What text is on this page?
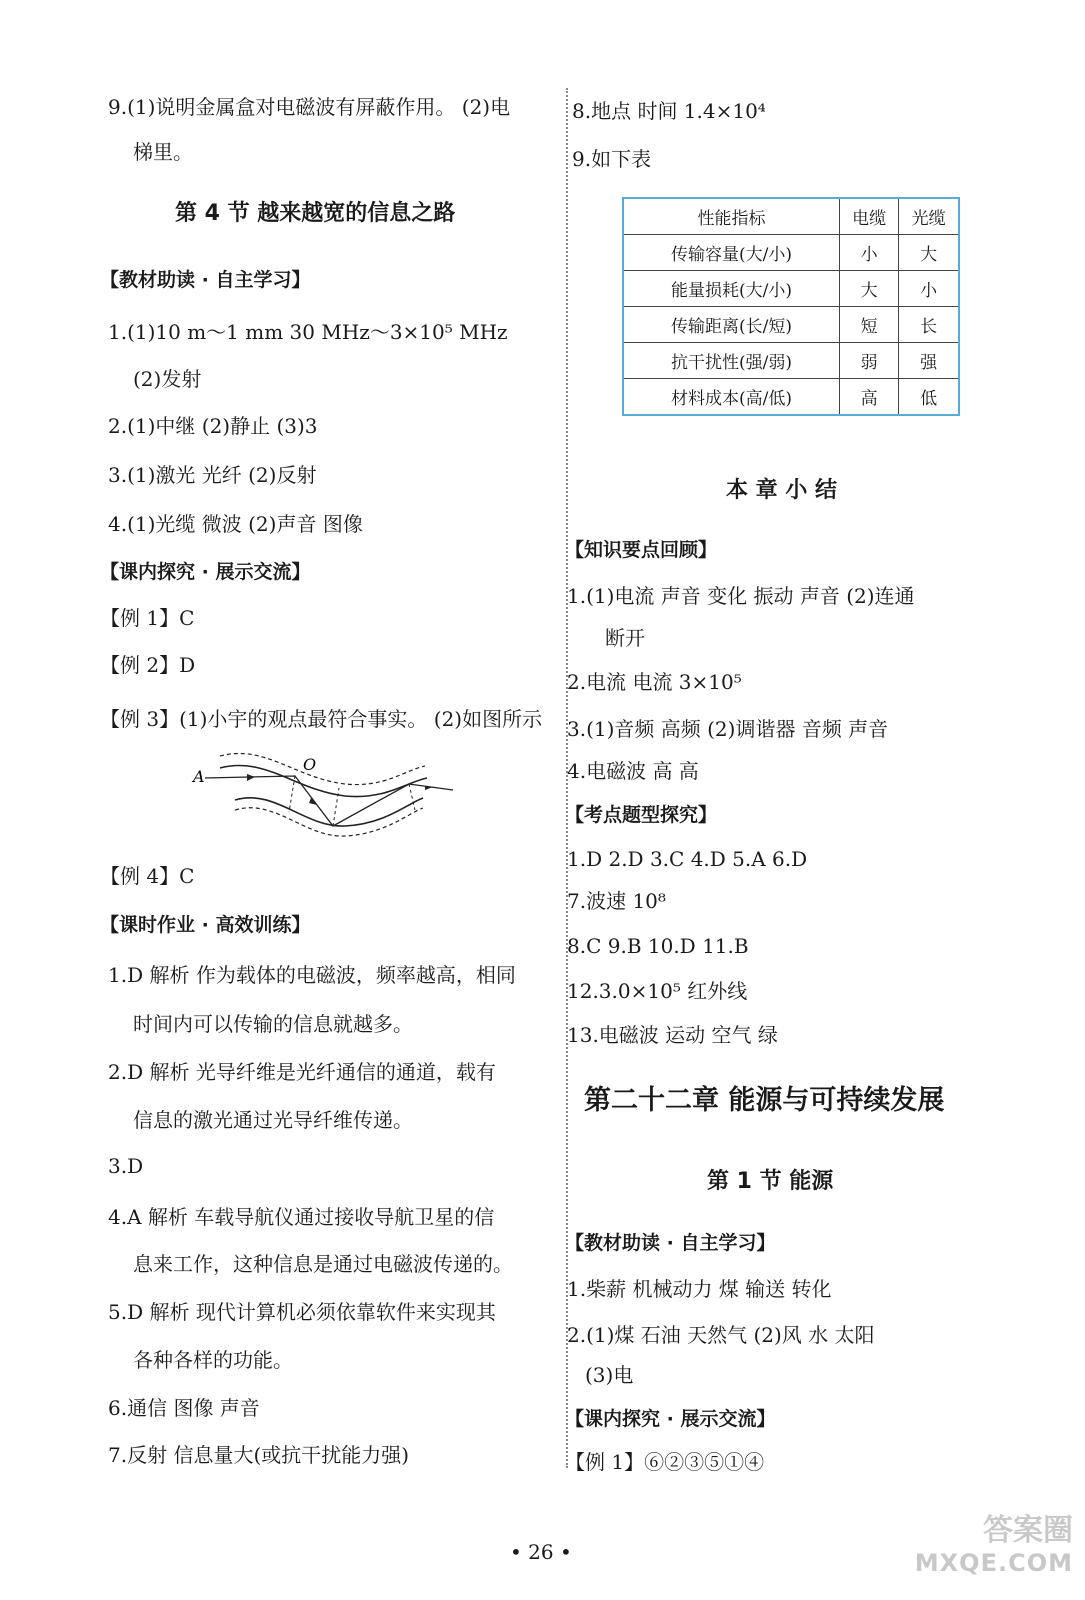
9.(1)说明金属盒对电磁波有屏蔽作用。 (2)电
梯里。
第 4 节 越来越宽的信息之路
【教材助读 · 自主学习】
1.(1)10 m～1 mm 30 MHz～3×10⁵ MHz
(2)发射
2.(1)中继 (2)静止 (3)3
3.(1)激光 光纤 (2)反射
4.(1)光缆 微波 (2)声音 图像
【课内探究 · 展示交流】
【例 1】C
【例 2】D
【例 3】(1)小宇的观点最符合事实。 (2)如图所示
A
O
【例 4】C
【课时作业 · 高效训练】
1.D 解析 作为载体的电磁波，频率越高，相同
时间内可以传输的信息就越多。
2.D 解析 光导纤维是光纤通信的通道，载有
信息的激光通过光导纤维传递。
3.D
4.A 解析 车载导航仪通过接收导航卫星的信
息来工作，这种信息是通过电磁波传递的。
5.D 解析 现代计算机必须依靠软件来实现其
各种各样的功能。
6.通信 图像 声音
7.反射 信息量大(或抗干扰能力强)
8.地点 时间 1.4×10⁴
9.如下表
性能指标	电缆	光缆
传输容量(大/小)	小	大
能量损耗(大/小)	大	小
传输距离(长/短)	短	长
抗干扰性(强/弱)	弱	强
材料成本(高/低)	高	低
本 章 小 结
【知识要点回顾】
1.(1)电流 声音 变化 振动 声音 (2)连通
断开
2.电流 电流 3×10⁵
3.(1)音频 高频 (2)调谐器 音频 声音
4.电磁波 高 高
【考点题型探究】
1.D 2.D 3.C 4.D 5.A 6.D
7.波速 10⁸
8.C 9.B 10.D 11.B
12.3.0×10⁵ 红外线
13.电磁波 运动 空气 绿
第二十二章 能源与可持续发展
第 1 节 能源
【教材助读 · 自主学习】
1.柴薪 机械动力 煤 输送 转化
2.(1)煤 石油 天然气 (2)风 水 太阳
(3)电
【课内探究 · 展示交流】
【例 1】⑥②③⑤①④
• 26 •
答案圈
MXQE.COM
